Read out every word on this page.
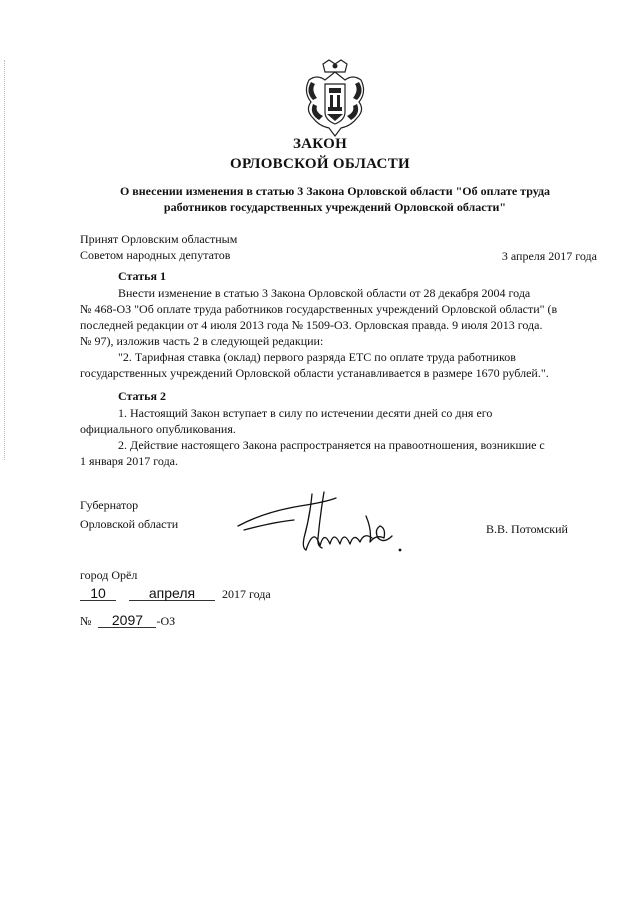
ЗАКОН
ОРЛОВСКОЙ ОБЛАСТИ
О внесении изменения в статью 3 Закона Орловской области "Об оплате труда
работников государственных учреждений Орловской области"
Принят Орловским областным
Советом народных депутатов	3 апреля 2017 года
Статья 1
Внести изменение в статью 3 Закона Орловской области от 28 декабря 2004 года
№ 468-ОЗ "Об оплате труда работников государственных учреждений Орловской области" (в
последней редакции от 4 июля 2013 года № 1509-ОЗ. Орловская правда. 9 июля 2013 года.
№ 97), изложив часть 2 в следующей редакции:
"2. Тарифная ставка (оклад) первого разряда ЕТС по оплате труда работников
государственных учреждений Орловской области устанавливается в размере 1670 рублей.".
Статья 2
1. Настоящий Закон вступает в силу по истечении десяти дней со дня его
официального опубликования.
2. Действие настоящего Закона распространяется на правоотношения, возникшие с
1 января 2017 года.
Губернатор
Орловской области	В.В. Потомский
город Орёл
10	апреля 2017 года
№ 2097 -ОЗ
